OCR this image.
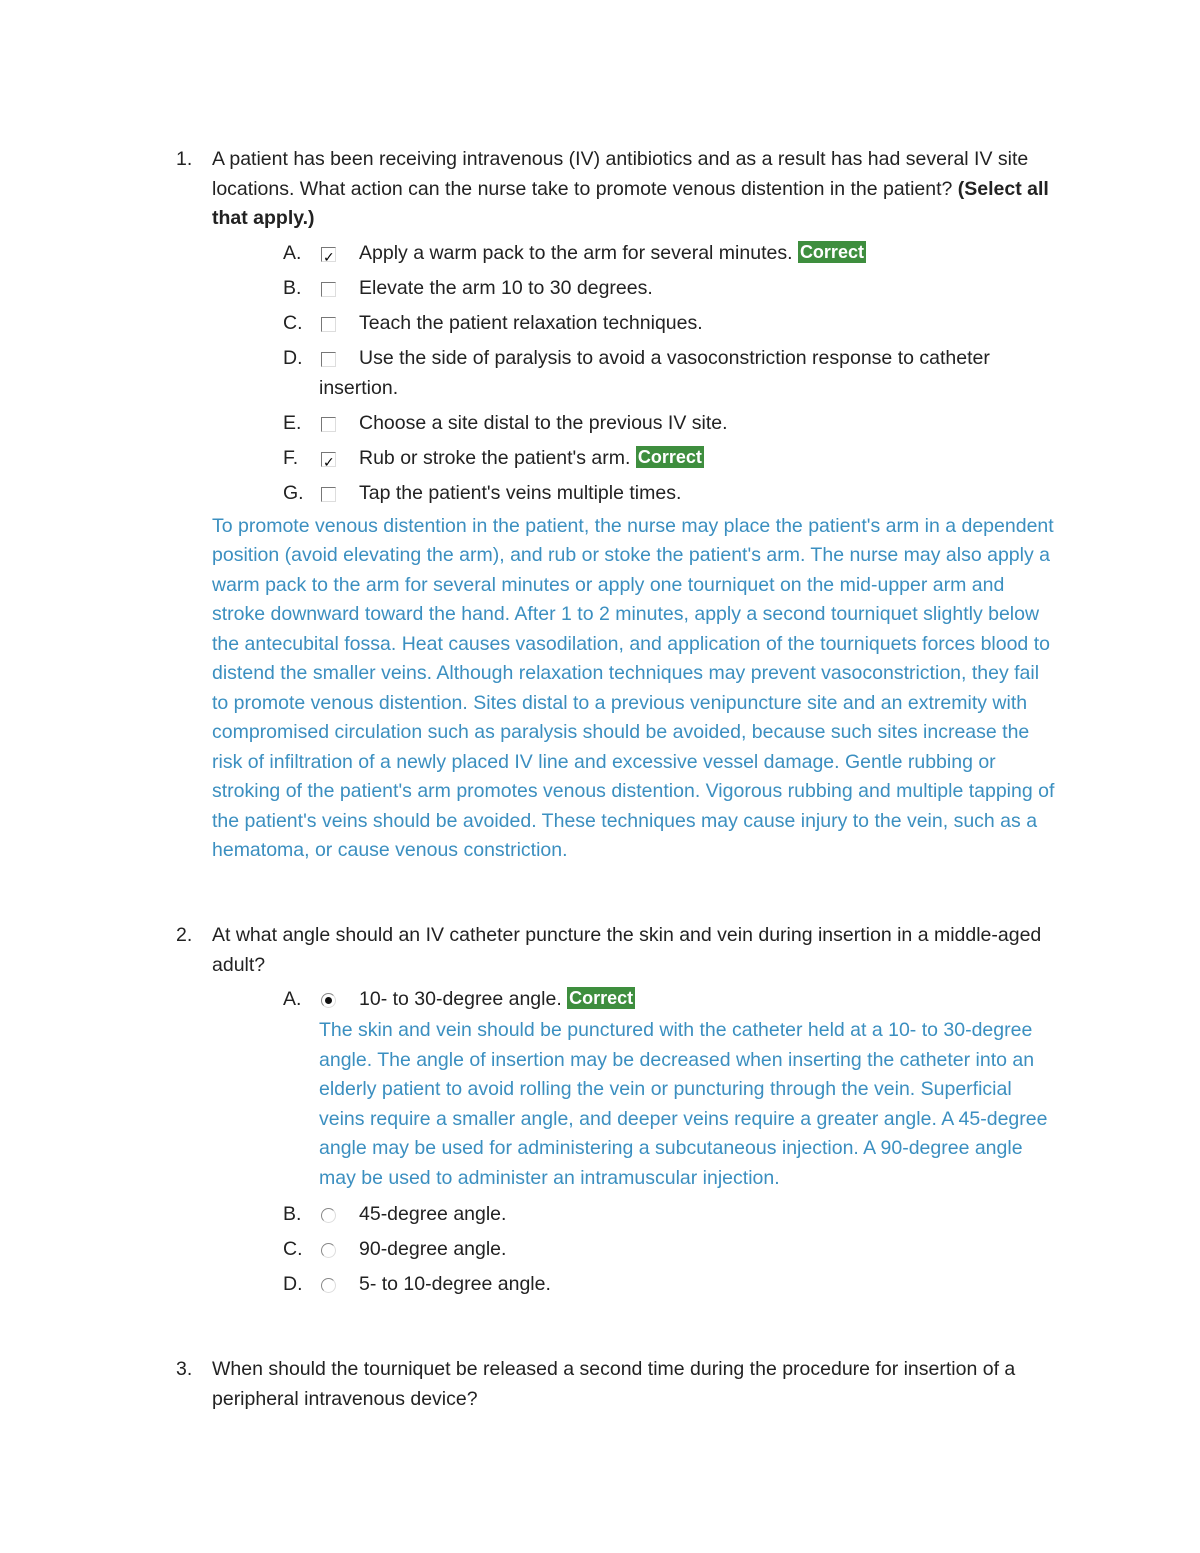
1. A patient has been receiving intravenous (IV) antibiotics and as a result has had several IV site locations. What action can the nurse take to promote venous distention in the patient? (Select all that apply.)
A. ✓	Apply a warm pack to the arm for several minutes. Correct
B.	Elevate the arm 10 to 30 degrees.
C.	Teach the patient relaxation techniques.
D.	Use the side of paralysis to avoid a vasoconstriction response to catheter insertion.
E.	Choose a site distal to the previous IV site.
F. ✓	Rub or stroke the patient's arm. Correct
G.	Tap the patient's veins multiple times.
To promote venous distention in the patient, the nurse may place the patient's arm in a dependent position (avoid elevating the arm), and rub or stoke the patient's arm. The nurse may also apply a warm pack to the arm for several minutes or apply one tourniquet on the mid-upper arm and stroke downward toward the hand. After 1 to 2 minutes, apply a second tourniquet slightly below the antecubital fossa. Heat causes vasodilation, and application of the tourniquets forces blood to distend the smaller veins. Although relaxation techniques may prevent vasoconstriction, they fail to promote venous distention. Sites distal to a previous venipuncture site and an extremity with compromised circulation such as paralysis should be avoided, because such sites increase the risk of infiltration of a newly placed IV line and excessive vessel damage. Gentle rubbing or stroking of the patient's arm promotes venous distention. Vigorous rubbing and multiple tapping of the patient's veins should be avoided. These techniques may cause injury to the vein, such as a hematoma, or cause venous constriction.
2. At what angle should an IV catheter puncture the skin and vein during insertion in a middle-aged adult?
A.	10- to 30-degree angle. Correct
The skin and vein should be punctured with the catheter held at a 10- to 30-degree angle. The angle of insertion may be decreased when inserting the catheter into an elderly patient to avoid rolling the vein or puncturing through the vein. Superficial veins require a smaller angle, and deeper veins require a greater angle. A 45-degree angle may be used for administering a subcutaneous injection. A 90-degree angle may be used to administer an intramuscular injection.
B.	45-degree angle.
C.	90-degree angle.
D.	5- to 10-degree angle.
3. When should the tourniquet be released a second time during the procedure for insertion of a peripheral intravenous device?
